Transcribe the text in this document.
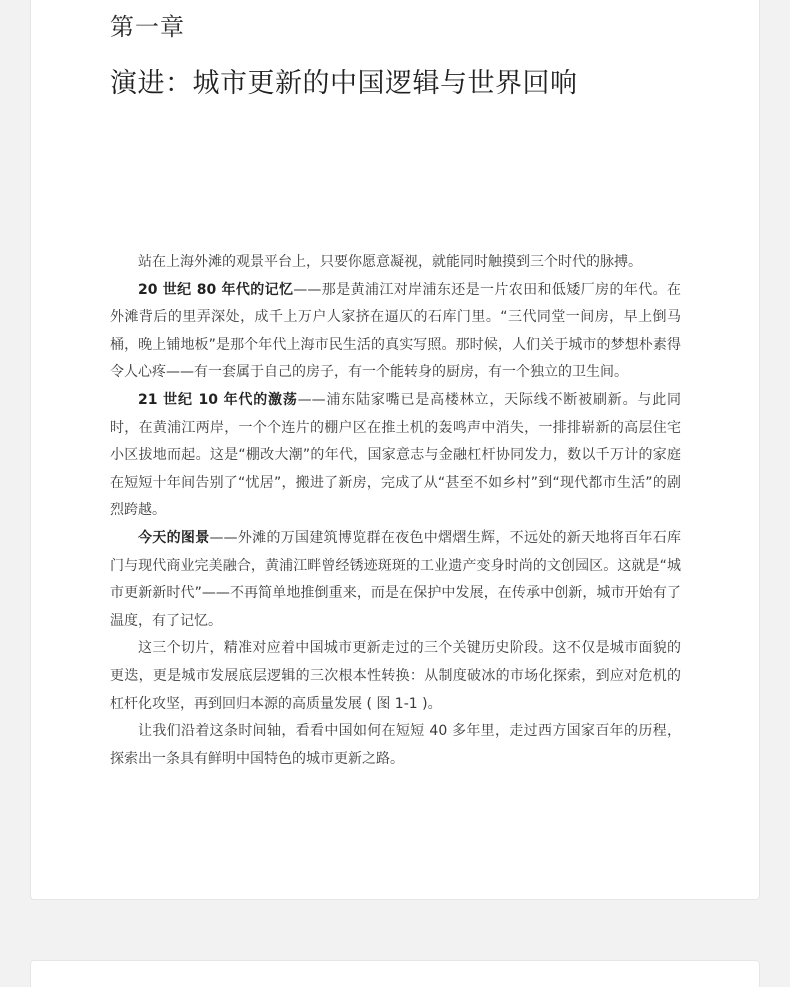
第一章
演进：城市更新的中国逻辑与世界回响

站在上海外滩的观景平台上，只要你愿意凝视，就能同时触摸到三个时代的脉搏。

20 世纪 80 年代的记忆——那是黄浦江对岸浦东还是一片农田和低矮厂房的年代。在外滩背后的里弄深处，成千上万户人家挤在逼仄的石库门里。“三代同堂一间房，早上倒马桶，晚上铺地板”是那个年代上海市民生活的真实写照。那时候，人们关于城市的梦想朴素得令人心疼——有一套属于自己的房子，有一个能转身的厨房，有一个独立的卫生间。

21 世纪 10 年代的激荡——浦东陆家嘴已是高楼林立，天际线不断被刷新。与此同时，在黄浦江两岸，一个个连片的棚户区在推土机的轰鸣声中消失，一排排崭新的高层住宅小区拔地而起。这是“棚改大潮”的年代，国家意志与金融杠杆协同发力，数以千万计的家庭在短短十年间告别了“忧居”，搬进了新房，完成了从“甚至不如乡村”到“现代都市生活”的剧烈跨越。

今天的图景——外滩的万国建筑博览群在夜色中熠熠生辉，不远处的新天地将百年石库门与现代商业完美融合，黄浦江畔曾经锈迹斑斑的工业遗产变身时尚的文创园区。这就是“城市更新新时代”——不再简单地推倒重来，而是在保护中发展，在传承中创新，城市开始有了温度，有了记忆。

这三个切片，精准对应着中国城市更新走过的三个关键历史阶段。这不仅是城市面貌的更迭，更是城市发展底层逻辑的三次根本性转换：从制度破冰的市场化探索，到应对危机的杠杆化攻坚，再到回归本源的高质量发展 ( 图 1-1 )。

让我们沿着这条时间轴，看看中国如何在短短 40 多年里，走过西方国家百年的历程，探索出一条具有鲜明中国特色的城市更新之路。
